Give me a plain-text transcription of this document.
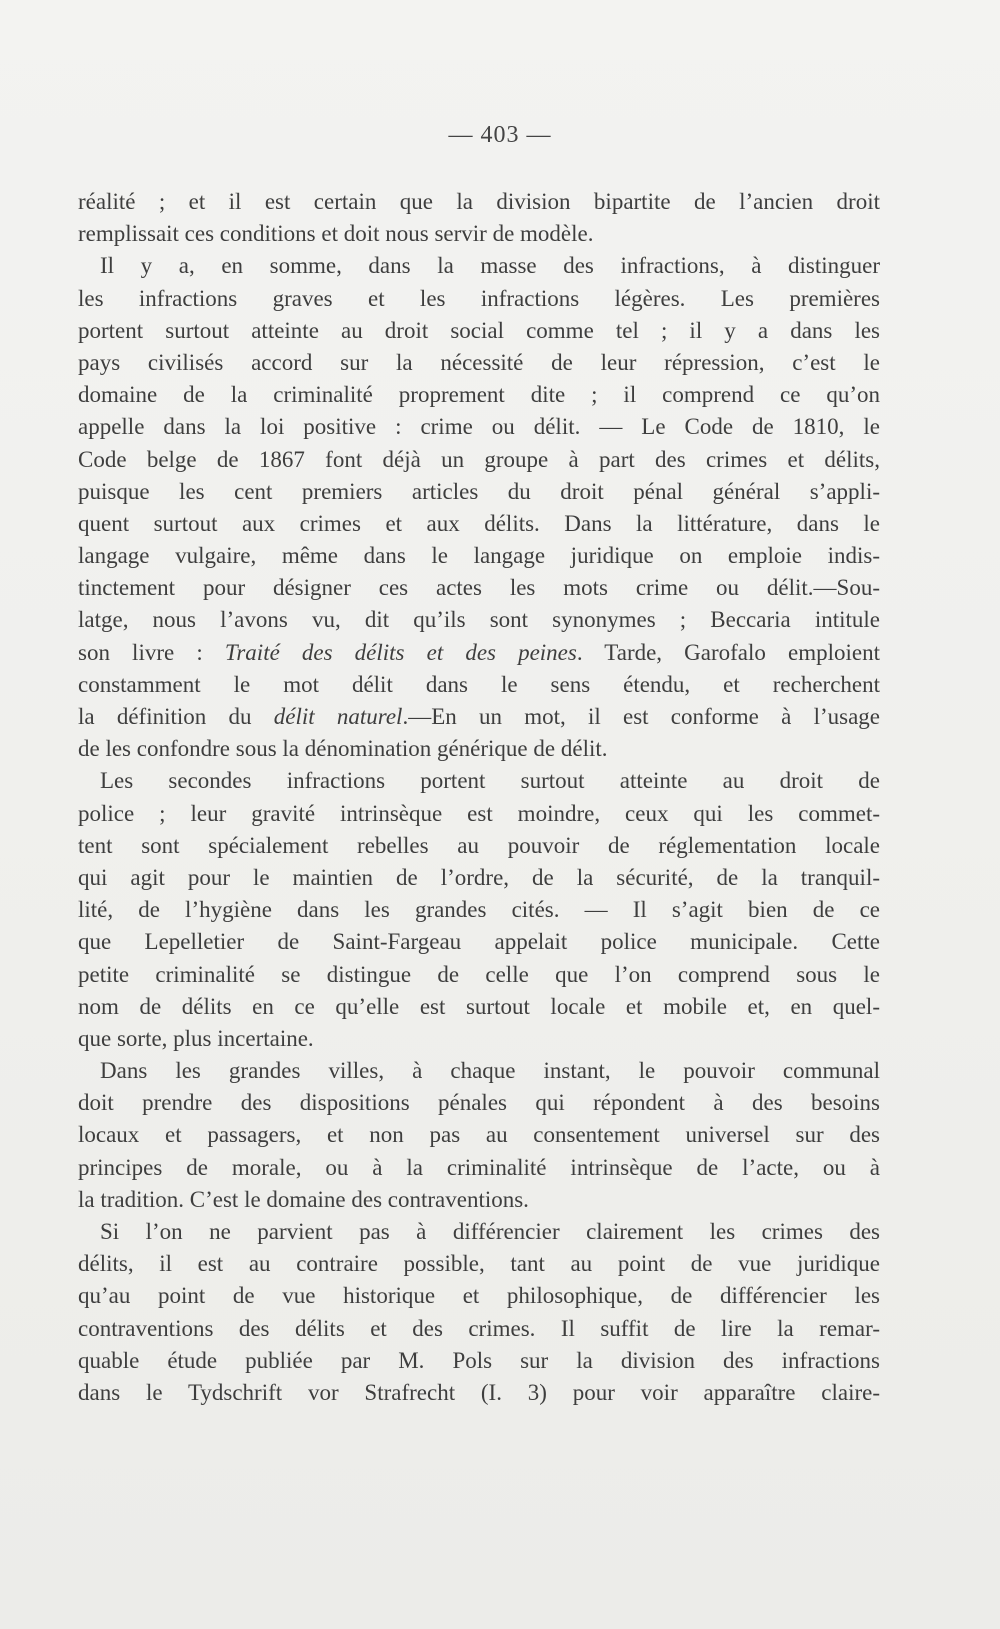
— 403 —
réalité ; et il est certain que la division bipartite de l’ancien droit
remplissait ces conditions et doit nous servir de modèle.
Il y a, en somme, dans la masse des infractions, à distinguer
les infractions graves et les infractions légères. Les premières
portent surtout atteinte au droit social comme tel ; il y a dans les
pays civilisés accord sur la nécessité de leur répression, c’est le
domaine de la criminalité proprement dite ; il comprend ce qu’on
appelle dans la loi positive : crime ou délit. — Le Code de 1810, le
Code belge de 1867 font déjà un groupe à part des crimes et délits,
puisque les cent premiers articles du droit pénal général s’appli-
quent surtout aux crimes et aux délits. Dans la littérature, dans le
langage vulgaire, même dans le langage juridique on emploie indis-
tinctement pour désigner ces actes les mots crime ou délit.—Sou-
latge, nous l’avons vu, dit qu’ils sont synonymes ; Beccaria intitule
son livre : Traité des délits et des peines. Tarde, Garofalo emploient
constamment le mot délit dans le sens étendu, et recherchent
la définition du délit naturel.—En un mot, il est conforme à l’usage
de les confondre sous la dénomination générique de délit.
Les secondes infractions portent surtout atteinte au droit de
police ; leur gravité intrinsèque est moindre, ceux qui les commet-
tent sont spécialement rebelles au pouvoir de réglementation locale
qui agit pour le maintien de l’ordre, de la sécurité, de la tranquil-
lité, de l’hygiène dans les grandes cités. — Il s’agit bien de ce
que Lepelletier de Saint-Fargeau appelait police municipale. Cette
petite criminalité se distingue de celle que l’on comprend sous le
nom de délits en ce qu’elle est surtout locale et mobile et, en quel-
que sorte, plus incertaine.
Dans les grandes villes, à chaque instant, le pouvoir communal
doit prendre des dispositions pénales qui répondent à des besoins
locaux et passagers, et non pas au consentement universel sur des
principes de morale, ou à la criminalité intrinsèque de l’acte, ou à
la tradition. C’est le domaine des contraventions.
Si l’on ne parvient pas à différencier clairement les crimes des
délits, il est au contraire possible, tant au point de vue juridique
qu’au point de vue historique et philosophique, de différencier les
contraventions des délits et des crimes. Il suffit de lire la remar-
quable étude publiée par M. Pols sur la division des infractions
dans le Tydschrift vor Strafrecht (I. 3) pour voir apparaître claire-
